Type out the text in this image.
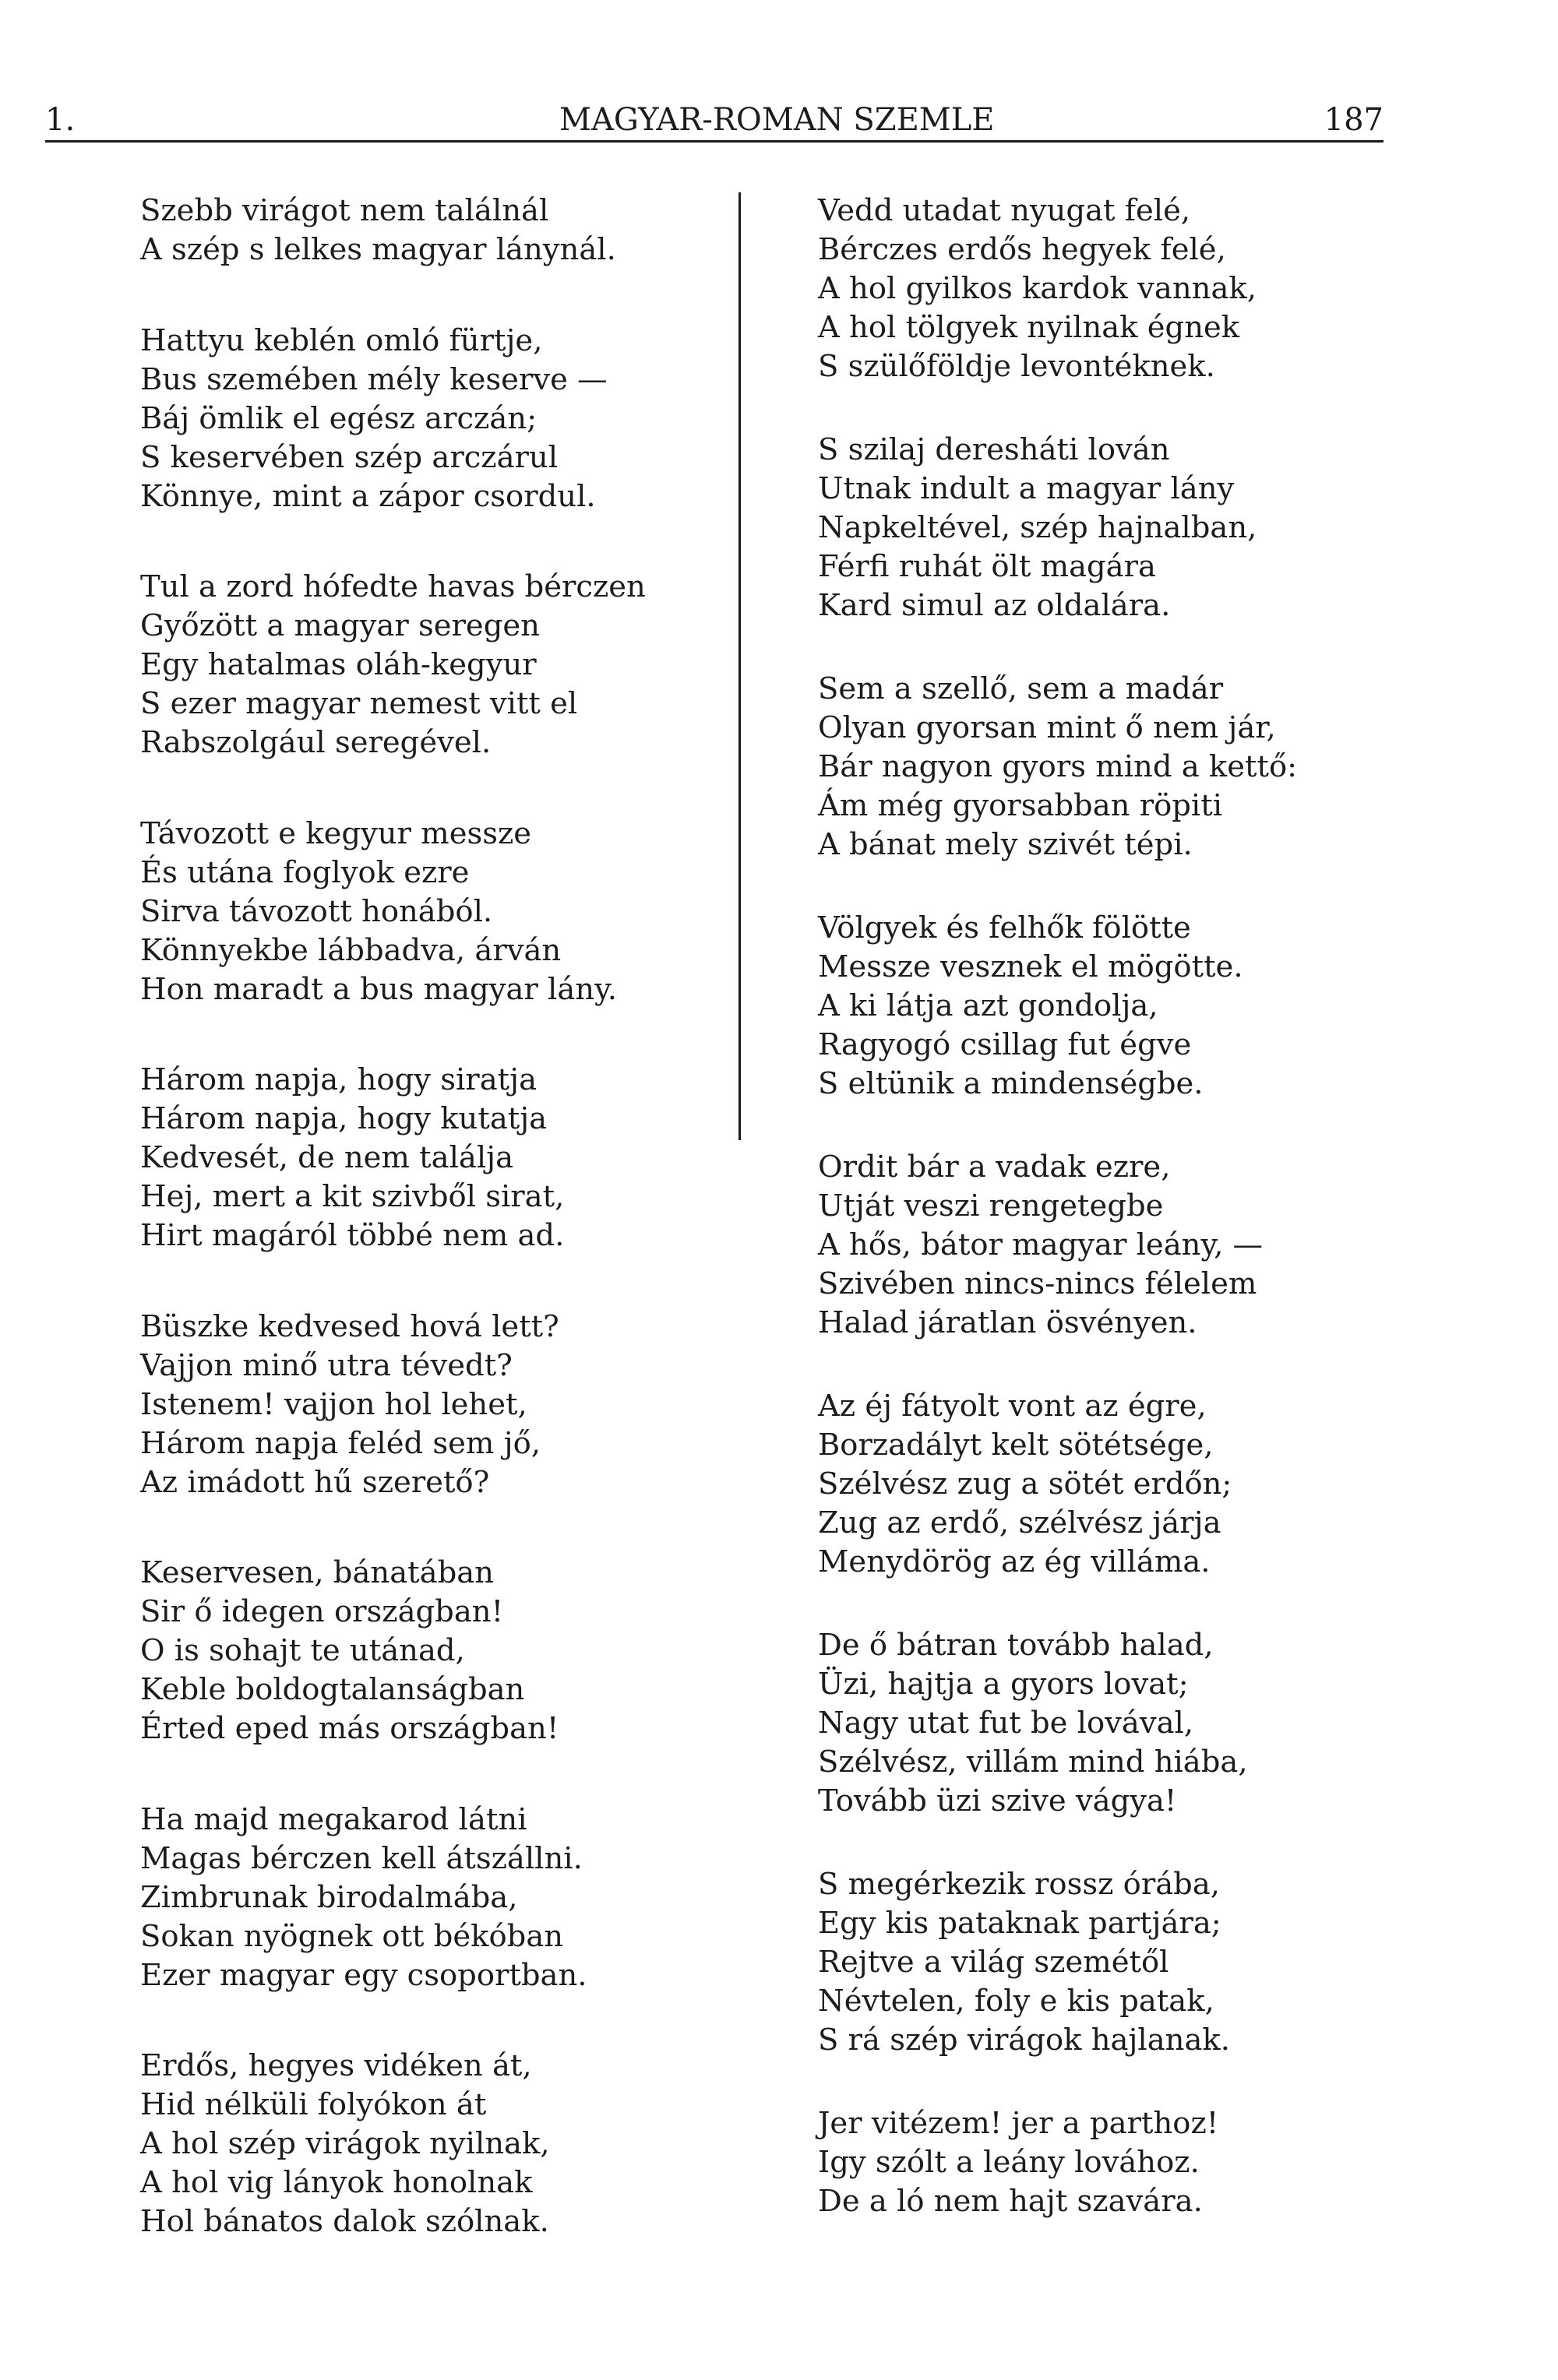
1.	MAGYAR-ROMAN SZEMLE	187
Szebb virágot nem találnál
A szép s lelkes magyar lánynál.
Hattyu keblén omló fürtje,
Bus szemében mély keserve —
Báj ömlik el egész arczán;
S keservében szép arczárul
Könnye, mint a zápor csordul.
Tul a zord hófedte havas bérczen
Győzött a magyar seregen
Egy hatalmas oláh-kegyur
S ezer magyar nemest vitt el
Rabszolgául seregével.
Távozott e kegyur messze
És utána foglyok ezre
Sirva távozott honából.
Könnyekbe lábbadva, árván
Hon maradt a bus magyar lány.
Három napja, hogy siratja
Három napja, hogy kutatja
Kedvesét, de nem találja
Hej, mert a kit szivből sirat,
Hirt magáról többé nem ad.
Büszke kedvesed hová lett?
Vajjon minő utra tévedt?
Istenem! vajjon hol lehet,
Három napja feléd sem jő,
Az imádott hű szerető?
Keservesen, bánatában
Sir ő idegen országban!
O is sohajt te utánad,
Keble boldogtalanságban
Érted eped más országban!
Ha majd megakarod látni
Magas bérczen kell átszállni.
Zimbrunak birodalmába,
Sokan nyögnek ott békóban
Ezer magyar egy csoportban.
Erdős, hegyes vidéken át,
Hid nélküli folyókon át
A hol szép virágok nyilnak,
A hol vig lányok honolnak
Hol bánatos dalok szólnak.
Vedd utadat nyugat felé,
Bérczes erdős hegyek felé,
A hol gyilkos kardok vannak,
A hol tölgyek nyilnak égnek
S szülőföldje levontéknek.
S szilaj deresháti lován
Utnak indult a magyar lány
Napkeltével, szép hajnalban,
Férfi ruhát ölt magára
Kard simul az oldalára.
Sem a szellő, sem a madár
Olyan gyorsan mint ő nem jár,
Bár nagyon gyors mind a kettő:
Ám még gyorsabban röpiti
A bánat mely szivét tépi.
Völgyek és felhők fölötte
Messze vesznek el mögötte.
A ki látja azt gondolja,
Ragyogó csillag fut égve
S eltünik a mindenségbe.
Ordit bár a vadak ezre,
Utját veszi rengetegbe
A hős, bátor magyar leány, —
Szivében nincs-nincs félelem
Halad járatlan ösvényen.
Az éj fátyolt vont az égre,
Borzadályt kelt sötétsége,
Szélvész zug a sötét erdőn;
Zug az erdő, szélvész járja
Menydörög az ég villáma.
De ő bátran tovább halad,
Üzi, hajtja a gyors lovat;
Nagy utat fut be lovával,
Szélvész, villám mind hiába,
Tovább üzi szive vágya!
S megérkezik rossz órába,
Egy kis pataknak partjára;
Rejtve a világ szemétől
Névtelen, foly e kis patak,
S rá szép virágok hajlanak.
Jer vitézem! jer a parthoz!
Igy szólt a leány lovához.
De a ló nem hajt szavára.
